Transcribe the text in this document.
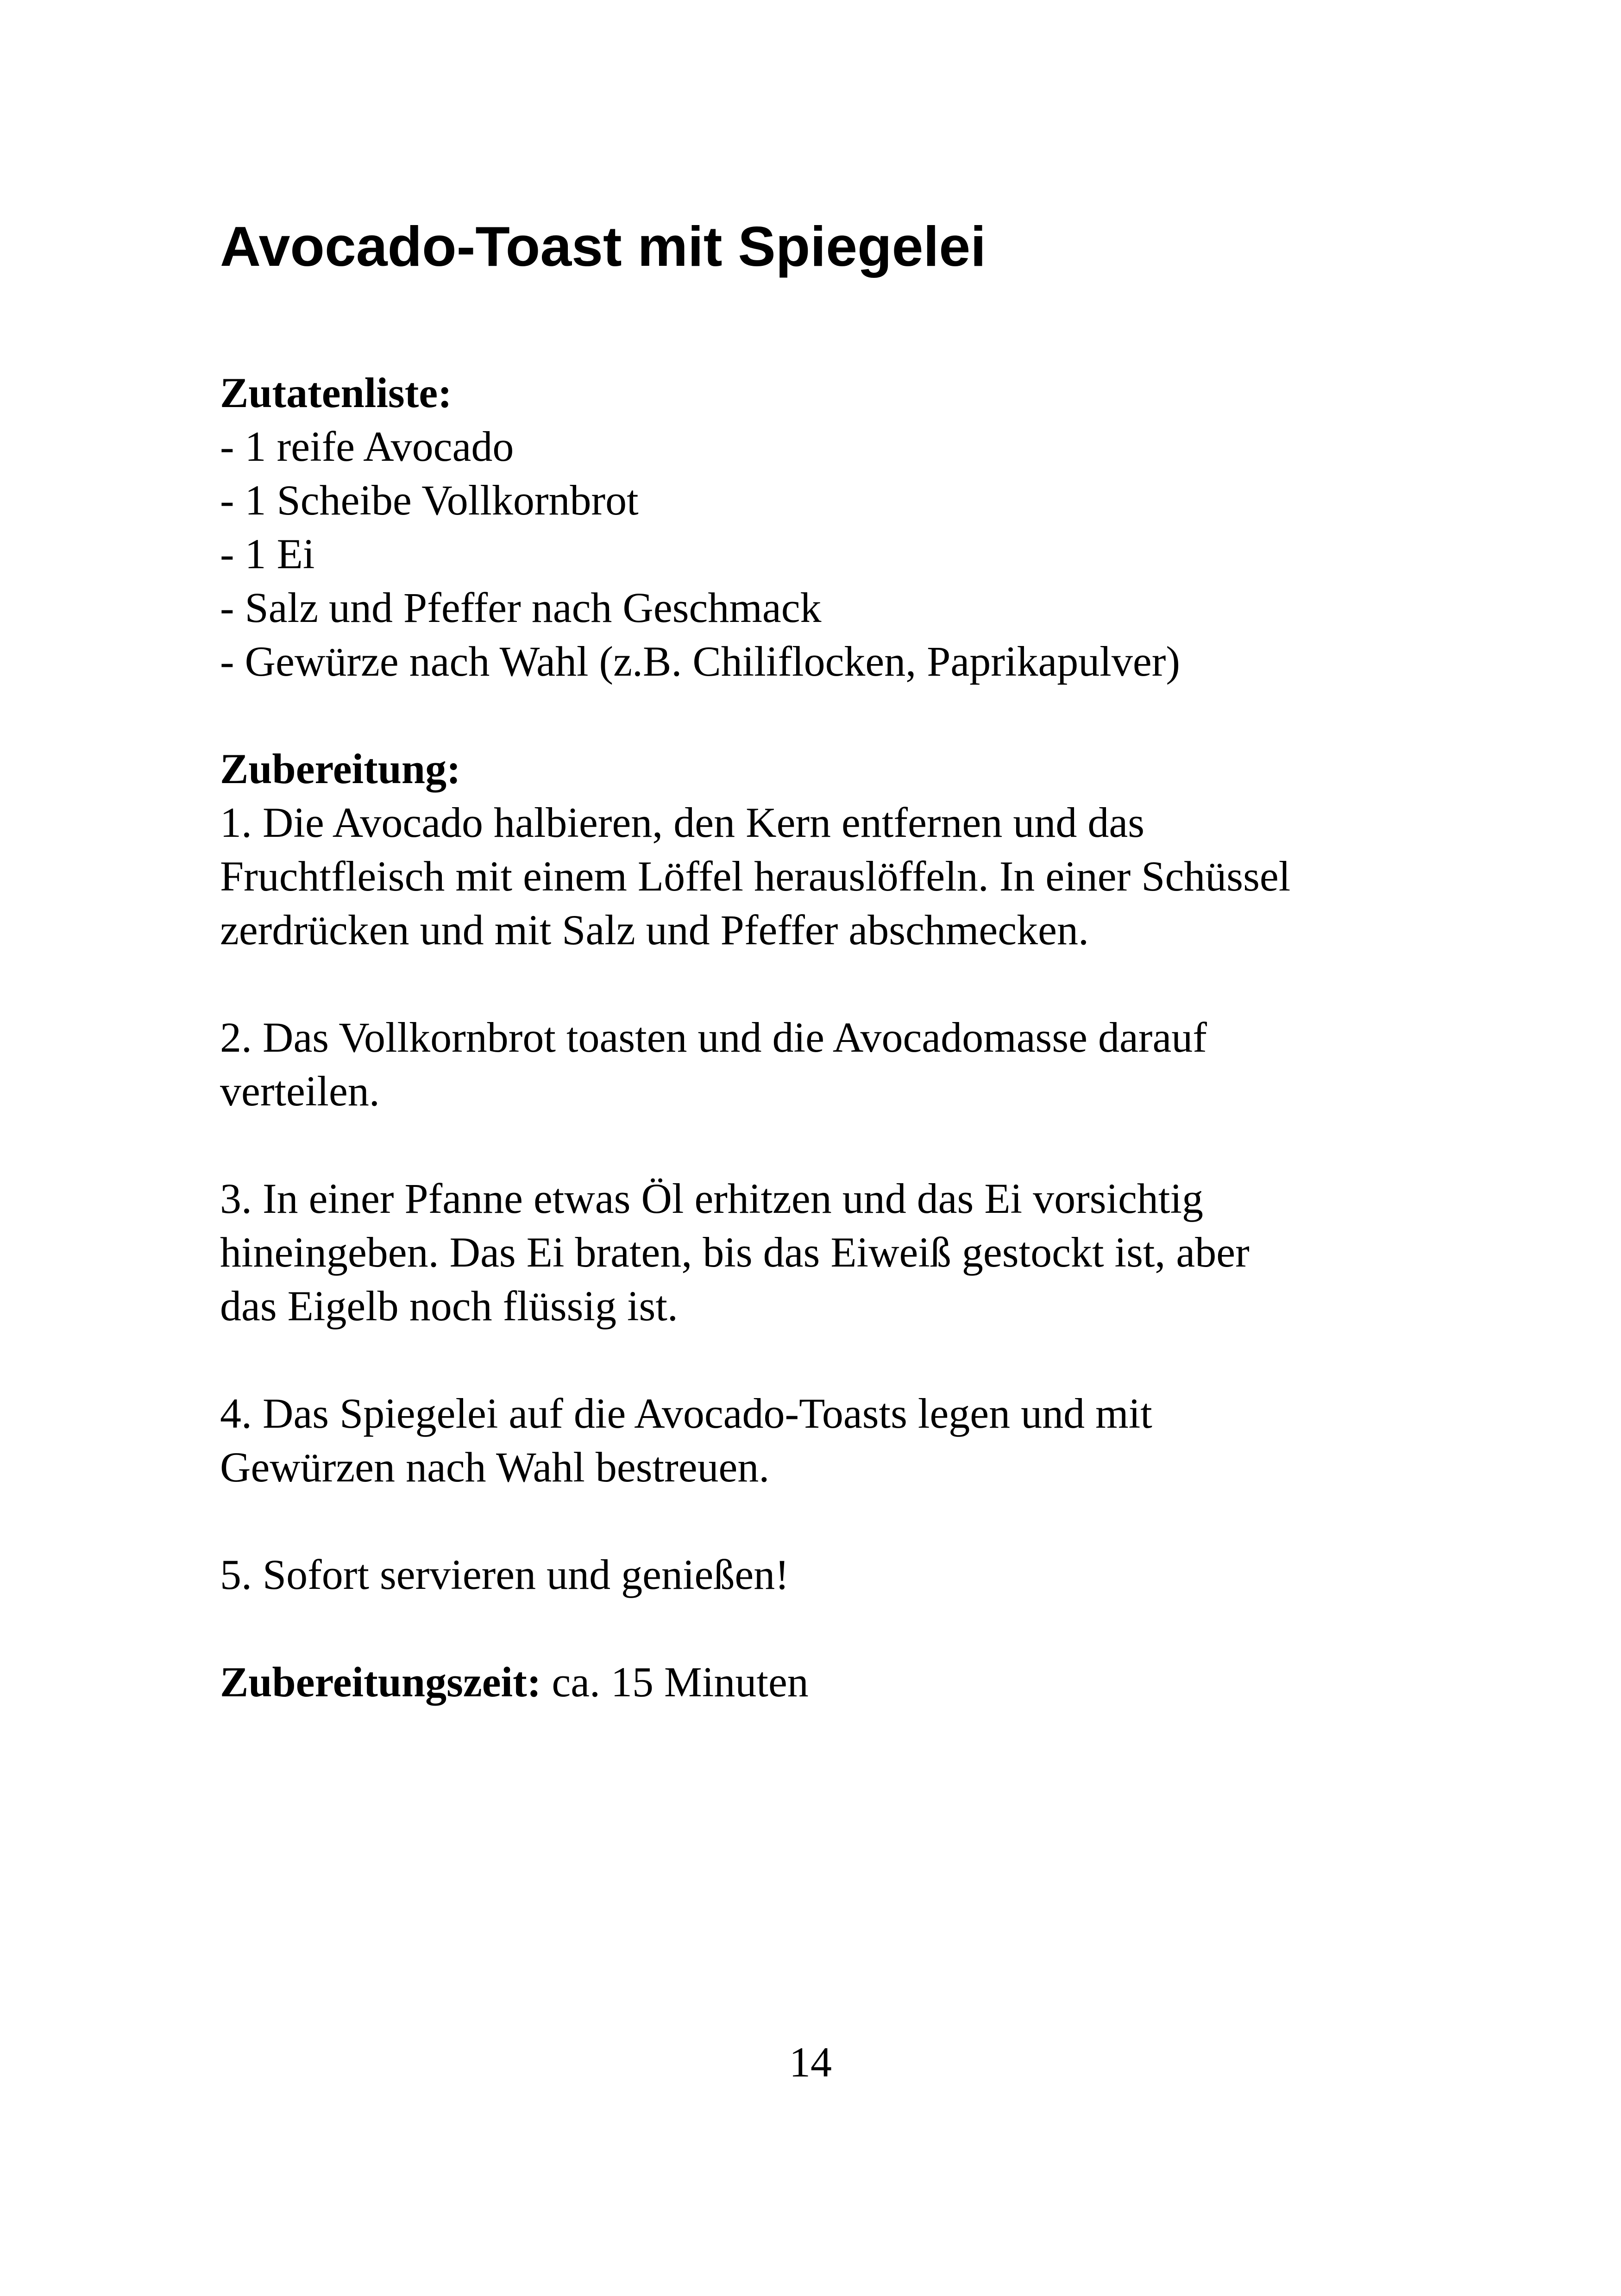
Avocado-Toast mit Spiegelei

Zutatenliste:

- 1 reife Avocado

- 1 Scheibe Vollkornbrot

- 1 Ei

- Salz und Pfeffer nach Geschmack

- Gewürze nach Wahl (z.B. Chiliflocken, Paprikapulver)

Zubereitung:

1. Die Avocado halbieren, den Kern entfernen und das

Fruchtfleisch mit einem Löffel herauslöffeln. In einer Schüssel

zerdrücken und mit Salz und Pfeffer abschmecken.

2. Das Vollkornbrot toasten und die Avocadomasse darauf

verteilen.

3. In einer Pfanne etwas Öl erhitzen und das Ei vorsichtig

hineingeben. Das Ei braten, bis das Eiweiß gestockt ist, aber

das Eigelb noch flüssig ist.

4. Das Spiegelei auf die Avocado-Toasts legen und mit

Gewürzen nach Wahl bestreuen.

5. Sofort servieren und genießen!

Zubereitungszeit: ca. 15 Minuten

14
